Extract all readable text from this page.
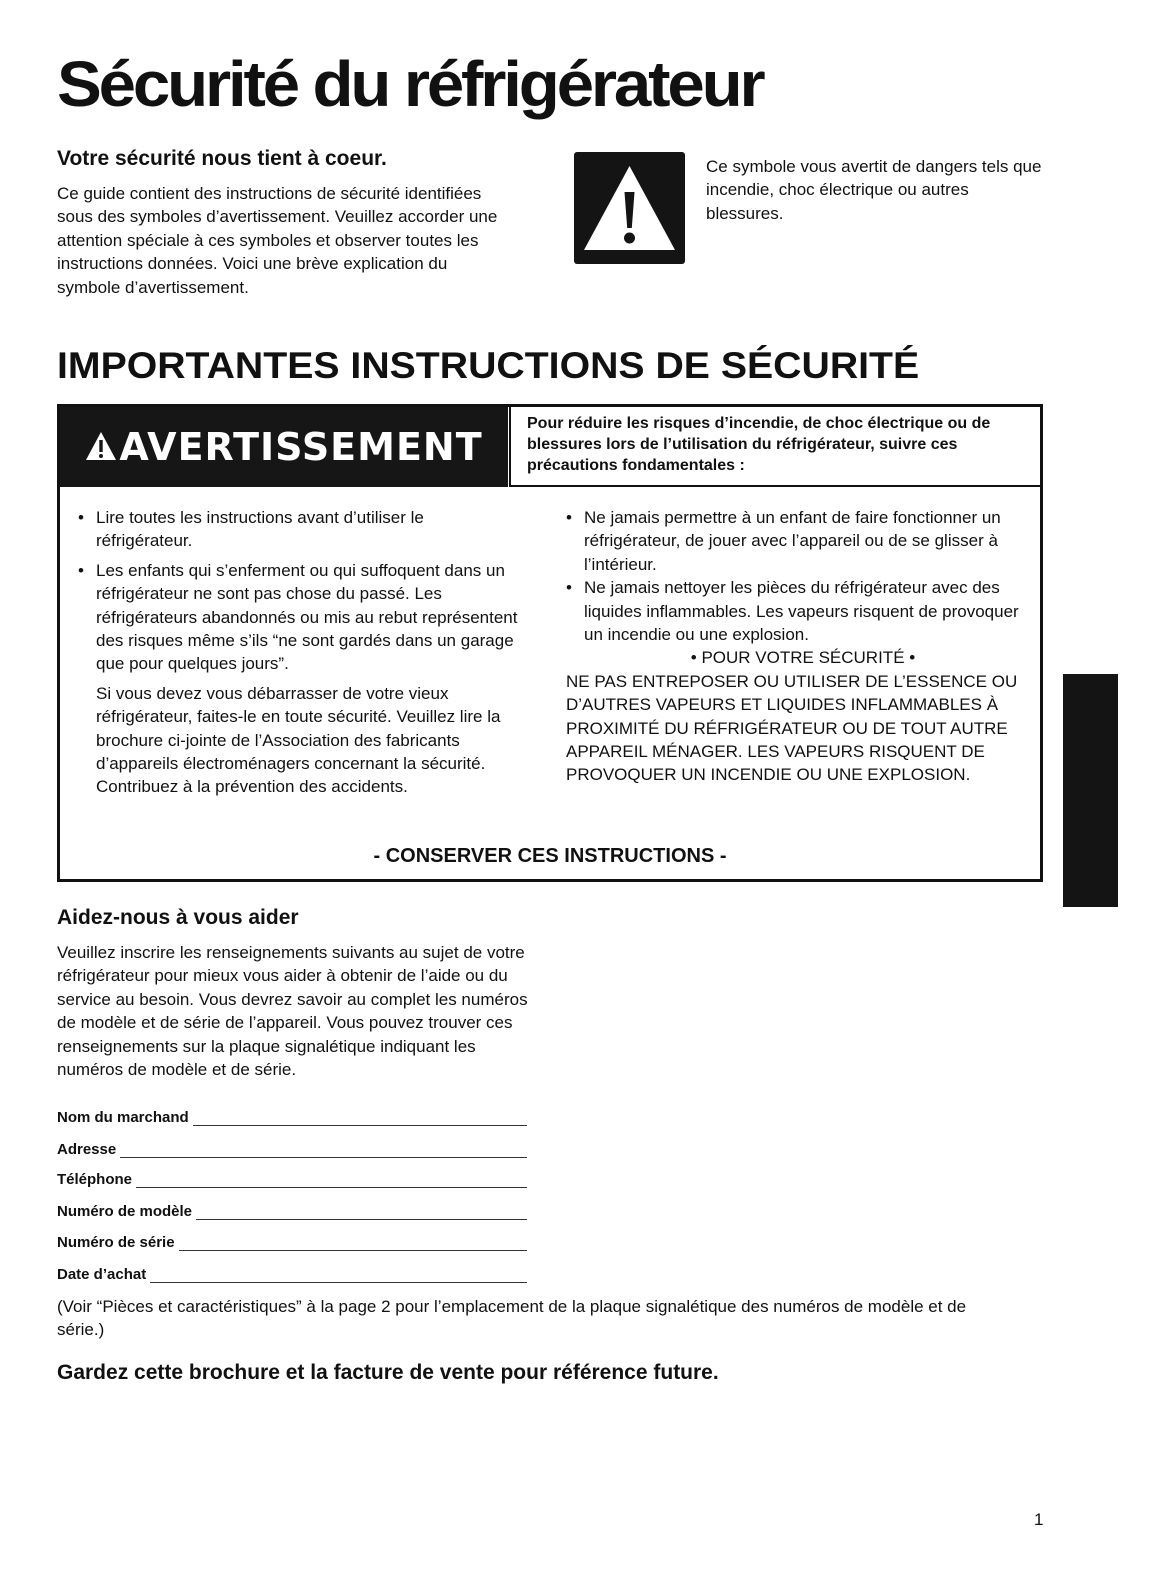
Sécurité du réfrigérateur
Votre sécurité nous tient à coeur.

Ce guide contient des instructions de sécurité identifiées sous des symboles d’avertissement. Veuillez accorder une attention spéciale à ces symboles et observer toutes les instructions données. Voici une brève explication du symbole d’avertissement.

Ce symbole vous avertit de dangers tels que incendie, choc électrique ou autres blessures.

IMPORTANTES INSTRUCTIONS DE SÉCURITÉ
AVERTISSEMENT
Pour réduire les risques d’incendie, de choc électrique ou de blessures lors de l’utilisation du réfrigérateur, suivre ces précautions fondamentales :
• Lire toutes les instructions avant d’utiliser le réfrigérateur.
• Les enfants qui s’enferment ou qui suffoquent dans un réfrigérateur ne sont pas chose du passé. Les réfrigérateurs abandonnés ou mis au rebut représentent des risques même s’ils “ne sont gardés dans un garage que pour quelques jours”.
Si vous devez vous débarrasser de votre vieux réfrigérateur, faites-le en toute sécurité. Veuillez lire la brochure ci-jointe de l’Association des fabricants d’appareils électroménagers concernant la sécurité. Contribuez à la prévention des accidents.
• Ne jamais permettre à un enfant de faire fonctionner un réfrigérateur, de jouer avec l’appareil ou de se glisser à l’intérieur.
• Ne jamais nettoyer les pièces du réfrigérateur avec des liquides inflammables. Les vapeurs risquent de provoquer un incendie ou une explosion.
• POUR VOTRE SÉCURITÉ •
NE PAS ENTREPOSER OU UTILISER DE L’ESSENCE OU D’AUTRES VAPEURS ET LIQUIDES INFLAMMABLES À PROXIMITÉ DU RÉFRIGÉRATEUR OU DE TOUT AUTRE APPAREIL MÉNAGER. LES VAPEURS RISQUENT DE PROVOQUER UN INCENDIE OU UNE EXPLOSION.

- CONSERVER CES INSTRUCTIONS -

Aidez-nous à vous aider

Veuillez inscrire les renseignements suivants au sujet de votre réfrigérateur pour mieux vous aider à obtenir de l’aide ou du service au besoin. Vous devrez savoir au complet les numéros de modèle et de série de l’appareil. Vous pouvez trouver ces renseignements sur la plaque signalétique indiquant les numéros de modèle et de série.

Nom du marchand
Adresse
Téléphone
Numéro de modèle
Numéro de série
Date d’achat

(Voir “Pièces et caractéristiques” à la page 2 pour l’emplacement de la plaque signalétique des numéros de modèle et de série.)

Gardez cette brochure et la facture de vente pour référence future.

1
